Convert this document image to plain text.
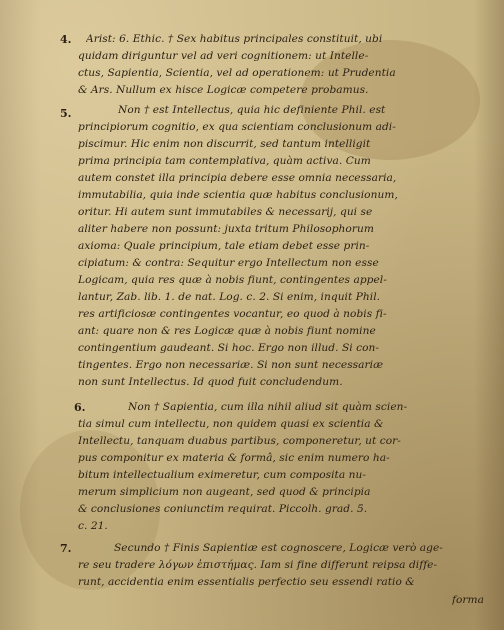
4.
5.
6.
7.
Arist: 6. Ethic. † Sex habitus principales constituit, ubi
quidam diriguntur vel ad veri cognitionem: ut Intelle-
ctus, Sapientia, Scientia, vel ad operationem: ut Prudentia
& Ars. Nullum ex hisce Logicæ competere probamus.
Non † est Intellectus, quia hic definiente Phil. est
principiorum cognitio, ex qua scientiam conclusionum adi-
piscimur. Hic enim non discurrit, sed tantum intelligit
prima principia tam contemplativa, quàm activa. Cum
autem constet illa principia debere esse omnia necessaria,
immutabilia, quia inde scientia quæ habitus conclusionum,
oritur. Hi autem sunt immutabiles & necessarij, qui se
aliter habere non possunt: juxta tritum Philosophorum
axioma: Quale principium, tale etiam debet esse prin-
cipiatum: & contra: Sequitur ergo Intellectum non esse
Logicam, quia res quæ à nobis fiunt, contingentes appel-
lantur, Zab. lib. 1. de nat. Log. c. 2. Si enim, inquit Phil.
res artificiosæ contingentes vocantur, eo quod à nobis fi-
ant: quare non & res Logicæ quæ à nobis fiunt nomine
contingentium gaudeant. Si hoc. Ergo non illud. Si con-
tingentes. Ergo non necessariæ. Si non sunt necessariæ
non sunt Intellectus. Id quod fuit concludendum.
Non † Sapientia, cum illa nihil aliud sit quàm scien-
tia simul cum intellectu, non quidem quasi ex scientia &
Intellectu, tanquam duabus partibus, componeretur, ut cor-
pus componitur ex materia & formâ, sic enim numero ha-
bitum intellectualium eximeretur, cum composita nu-
merum simplicium non augeant, sed quod & principia
& conclusiones coniunctim requirat. Piccolh. grad. 5.
c. 21.
Secundo † Finis Sapientiæ est cognoscere, Logicæ verò age-
re seu tradere λόγων ἐπιστήμας. Iam si fine differunt reipsa diffe-
runt, accidentia enim essentialis perfectio seu essendi ratio &
forma
